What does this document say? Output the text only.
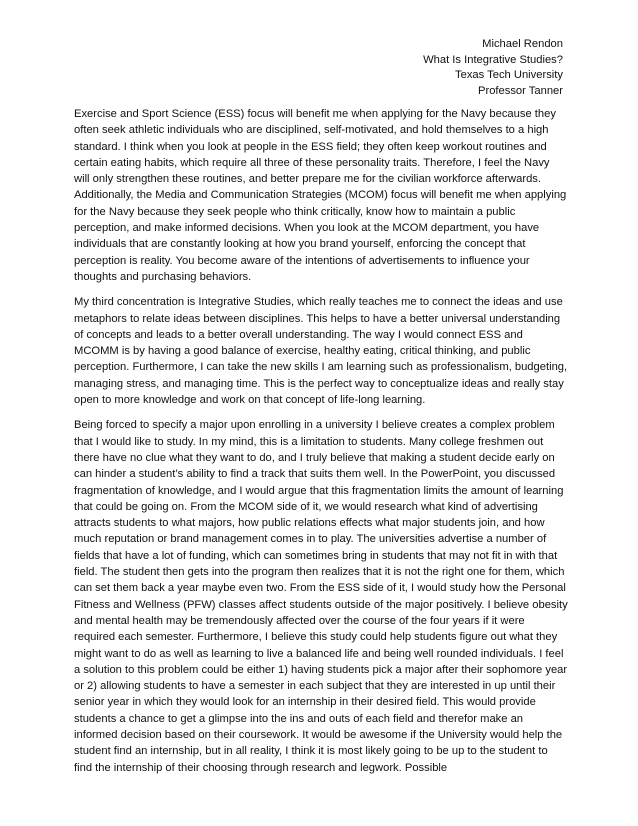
Michael Rendon
What Is Integrative Studies?
Texas Tech University
Professor Tanner

Exercise and Sport Science (ESS) focus will benefit me when applying for the Navy because they often seek athletic individuals who are disciplined, self-motivated, and hold themselves to a high standard. I think when you look at people in the ESS field; they often keep workout routines and certain eating habits, which require all three of these personality traits. Therefore, I feel the Navy will only strengthen these routines, and better prepare me for the civilian workforce afterwards. Additionally, the Media and Communication Strategies (MCOM) focus will benefit me when applying for the Navy because they seek people who think critically, know how to maintain a public perception, and make informed decisions. When you look at the MCOM department, you have individuals that are constantly looking at how you brand yourself, enforcing the concept that perception is reality. You become aware of the intentions of advertisements to influence your thoughts and purchasing behaviors.

My third concentration is Integrative Studies, which really teaches me to connect the ideas and use metaphors to relate ideas between disciplines. This helps to have a better universal understanding of concepts and leads to a better overall understanding. The way I would connect ESS and MCOMM is by having a good balance of exercise, healthy eating, critical thinking, and public perception. Furthermore, I can take the new skills I am learning such as professionalism, budgeting, managing stress, and managing time. This is the perfect way to conceptualize ideas and really stay open to more knowledge and work on that concept of life-long learning.

Being forced to specify a major upon enrolling in a university I believe creates a complex problem that I would like to study. In my mind, this is a limitation to students. Many college freshmen out there have no clue what they want to do, and I truly believe that making a student decide early on can hinder a student’s ability to find a track that suits them well. In the PowerPoint, you discussed fragmentation of knowledge, and I would argue that this fragmentation limits the amount of learning that could be going on. From the MCOM side of it, we would research what kind of advertising attracts students to what majors, how public relations effects what major students join, and how much reputation or brand management comes in to play. The universities advertise a number of fields that have a lot of funding, which can sometimes bring in students that may not fit in with that field. The student then gets into the program then realizes that it is not the right one for them, which can set them back a year maybe even two. From the ESS side of it, I would study how the Personal Fitness and Wellness (PFW) classes affect students outside of the major positively. I believe obesity and mental health may be tremendously affected over the course of the four years if it were required each semester. Furthermore, I believe this study could help students figure out what they might want to do as well as learning to live a balanced life and being well rounded individuals. I feel a solution to this problem could be either 1) having students pick a major after their sophomore year or 2) allowing students to have a semester in each subject that they are interested in up until their senior year in which they would look for an internship in their desired field. This would provide students a chance to get a glimpse into the ins and outs of each field and therefor make an informed decision based on their coursework. It would be awesome if the University would help the student find an internship, but in all reality, I think it is most likely going to be up to the student to find the internship of their choosing through research and legwork. Possible
